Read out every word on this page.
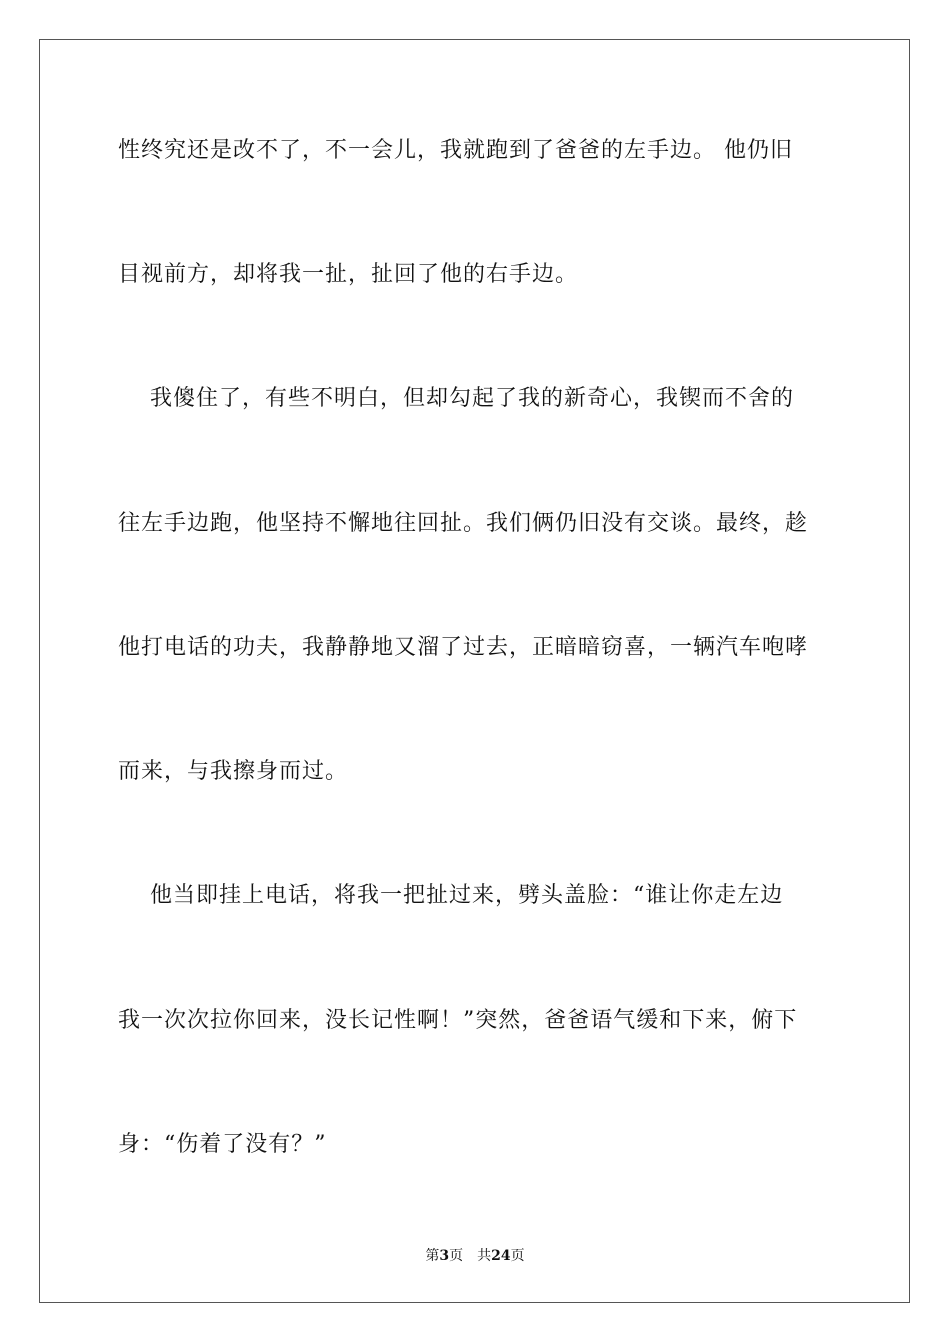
性终究还是改不了，不一会儿，我就跑到了爸爸的左手边。 他仍旧
目视前方，却将我一扯，扯回了他的右手边。
我傻住了，有些不明白，但却勾起了我的新奇心，我锲而不舍的
往左手边跑，他坚持不懈地往回扯。我们俩仍旧没有交谈。最终，趁
他打电话的功夫，我静静地又溜了过去，正暗暗窃喜，一辆汽车咆哮
而来，与我擦身而过。
他当即挂上电话，将我一把扯过来，劈头盖脸：“谁让你走左边
我一次次拉你回来，没长记性啊！”突然，爸爸语气缓和下来，俯下
身：“伤着了没有？”
第3页 共24页
